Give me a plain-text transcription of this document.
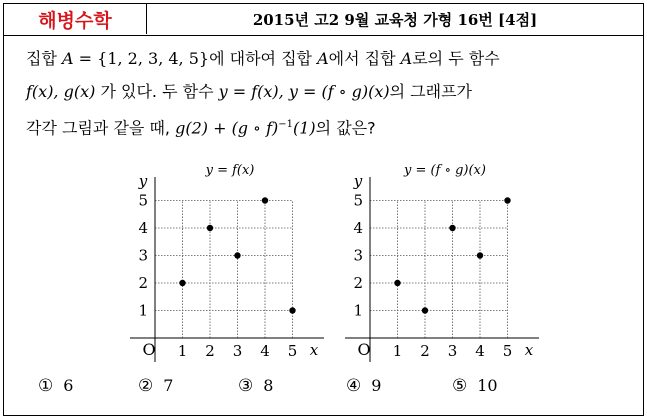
해병수학	2015년 고2 9월 교육청 가형 16번 [4점]
집합 A = {1, 2, 3, 4, 5}에 대하여 집합 A에서 집합 A로의 두 함수
f(x), g(x) 가 있다. 두 함수 y = f(x), y = (f ∘ g)(x)의 그래프가
각각 그림과 같을 때, g(2) + (g ∘ f)$^{-1}$(1)의 값은?
y = f(x)
y
x
O 1 2 3 4 5
1
2
3
4
5
y = (f ∘ g)(x)
y
x
O 1 2 3 4 5
1
2
3
4
5
① 6	② 7	③ 8	④ 9	⑤ 10
